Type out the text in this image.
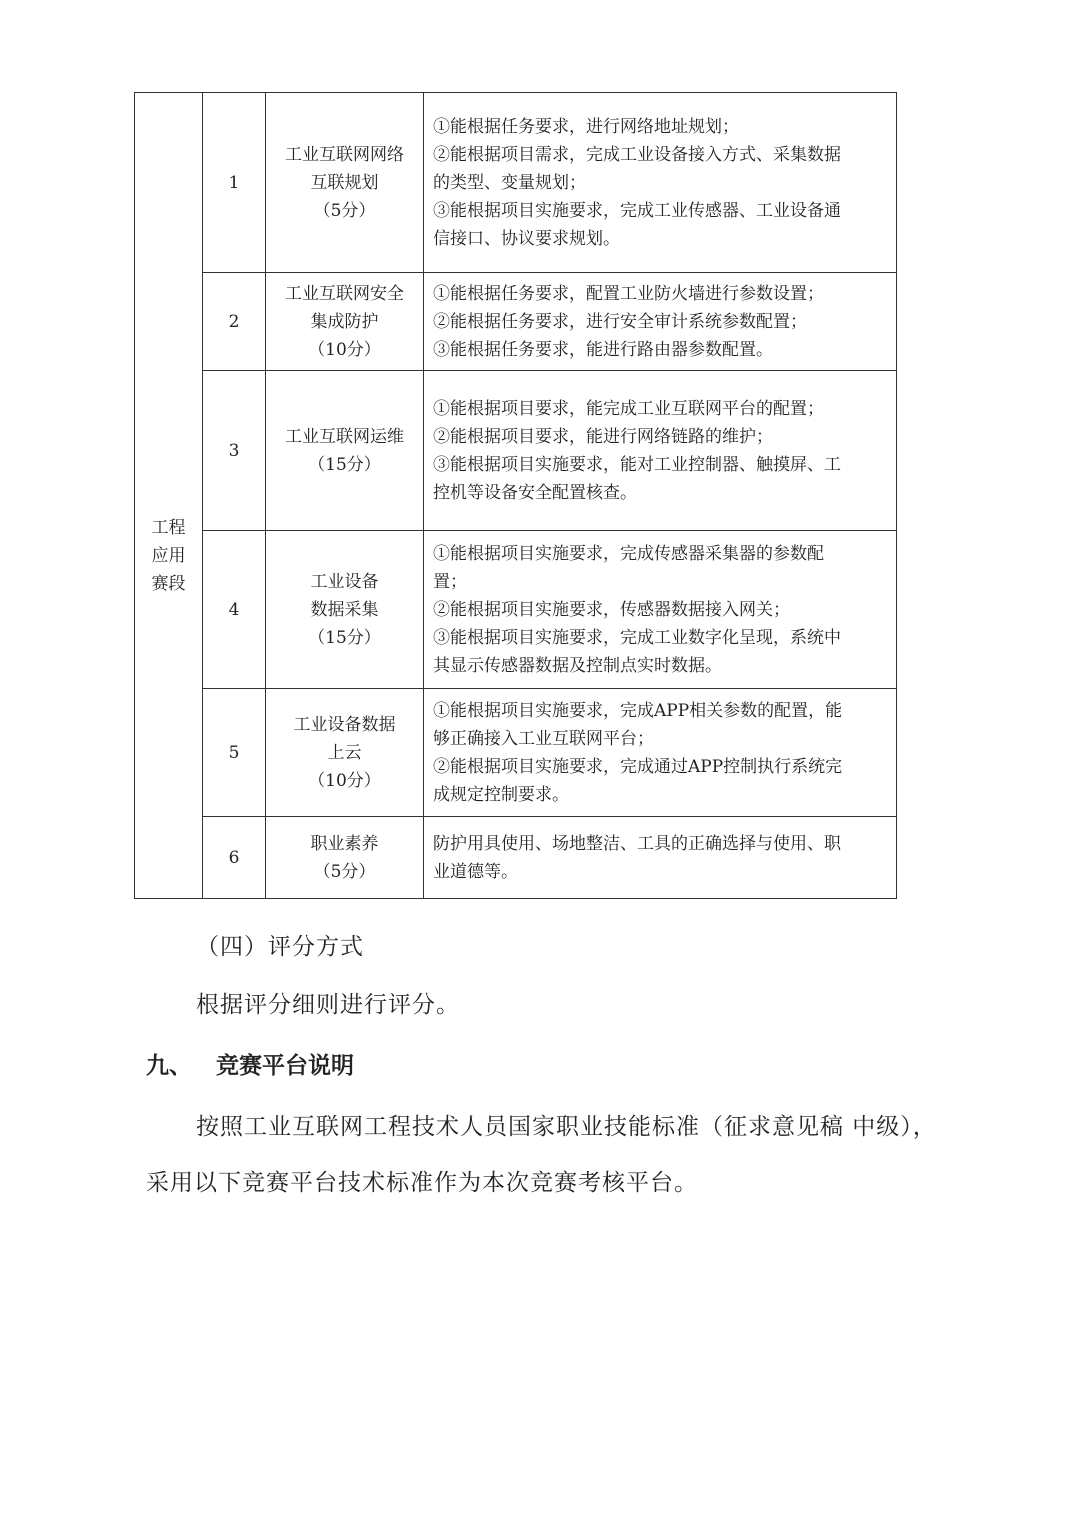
工程
应用
赛段	1	工业互联网网络
互联规划
（5分）	①能根据任务要求，进行网络地址规划；
②能根据项目需求，完成工业设备接入方式、采集数据
的类型、变量规划；
③能根据项目实施要求，完成工业传感器、工业设备通
信接口、协议要求规划。

	2	工业互联网安全
集成防护
（10分）	①能根据任务要求，配置工业防火墙进行参数设置；
②能根据任务要求，进行安全审计系统参数配置；
③能根据任务要求，能进行路由器参数配置。

	3	工业互联网运维
（15分）	①能根据项目要求，能完成工业互联网平台的配置；
②能根据项目要求，能进行网络链路的维护；
③能根据项目实施要求，能对工业控制器、触摸屏、工
控机等设备安全配置核查。

	4	工业设备
数据采集
（15分）	①能根据项目实施要求，完成传感器采集器的参数配
置；
②能根据项目实施要求，传感器数据接入网关；
③能根据项目实施要求，完成工业数字化呈现，系统中
其显示传感器数据及控制点实时数据。

	5	工业设备数据
上云
（10分）	①能根据项目实施要求，完成APP相关参数的配置，能
够正确接入工业互联网平台；
②能根据项目实施要求，完成通过APP控制执行系统完
成规定控制要求。

	6	职业素养
（5分）	防护用具使用、场地整洁、工具的正确选择与使用、职
业道德等。
（四）评分方式
根据评分细则进行评分。
九、   竞赛平台说明
按照工业互联网工程技术人员国家职业技能标准（征求意见稿 中级），
采用以下竞赛平台技术标准作为本次竞赛考核平台。
